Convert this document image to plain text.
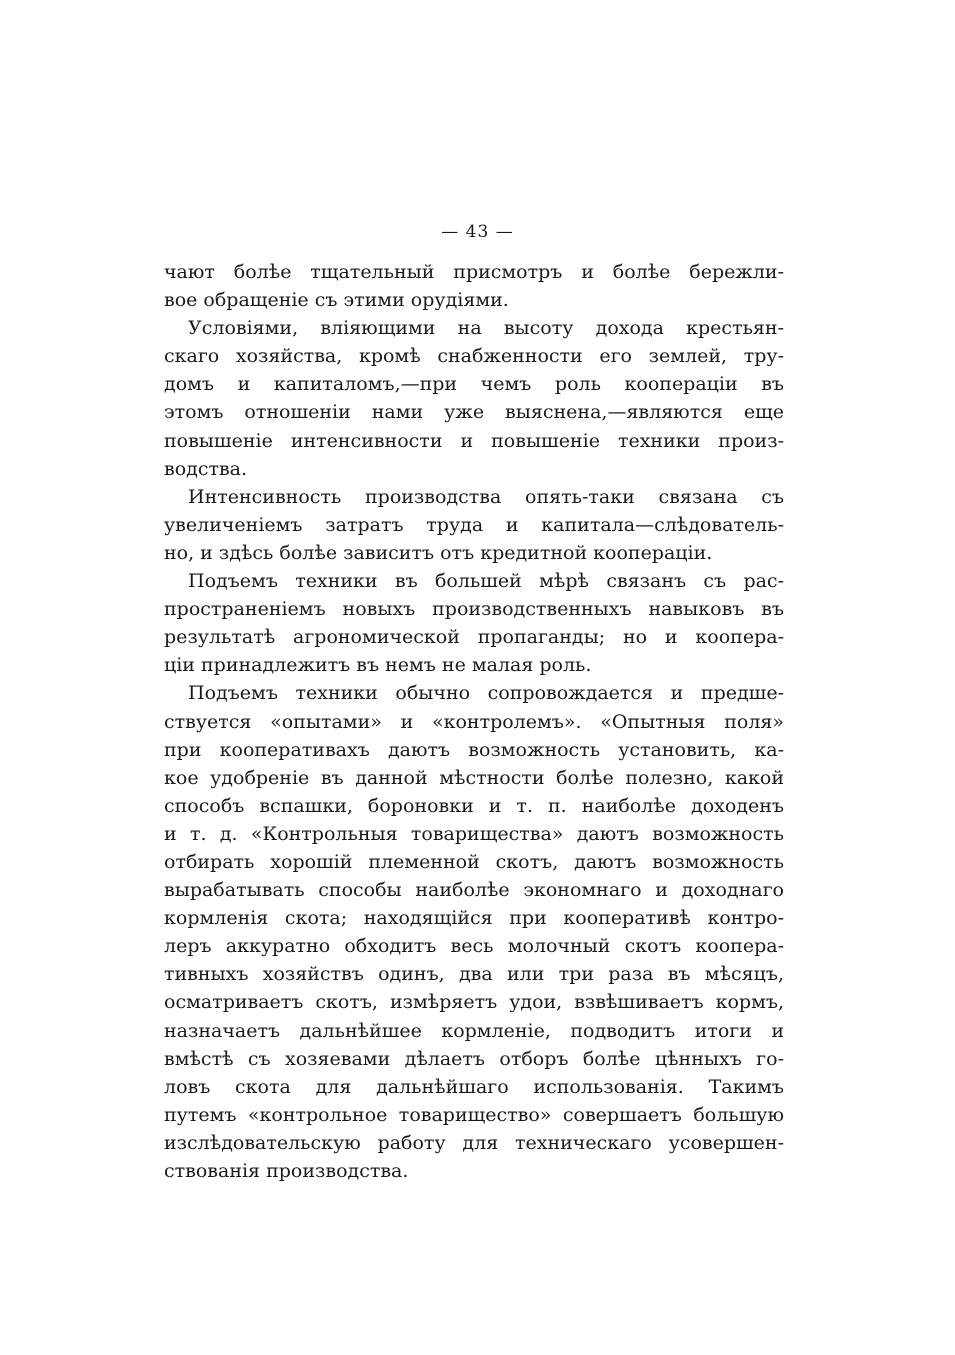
— 43 —
чают болѣе тщательный присмотръ и болѣе бережли-
вое обращеніе съ этими орудіями.
Условіями, вліяющими на высоту дохода крестьян-
скаго хозяйства, кромѣ снабженности его землей, тру-
домъ и капиталомъ,—при чемъ роль кооперацiи въ
этомъ отношеніи нами уже выяснена,—являются еще
повышеніе интенсивности и повышеніе техники произ-
водства.
Интенсивность производства опять-таки связана съ
увеличеніемъ затратъ труда и капитала—слѣдователь-
но, и здѣсь болѣе зависитъ отъ кредитной коопераціи.
Подъемъ техники въ большей мѣрѣ связанъ съ рас-
пространеніемъ новыхъ производственныхъ навыковъ въ
результатѣ агрономической пропаганды; но и коопера-
ціи принадлежитъ въ немъ не малая роль.
Подъемъ техники обычно сопровождается и предше-
ствуется «опытами» и «контролемъ». «Опытныя поля»
при кооперативахъ даютъ возможность установить, ка-
кое удобреніе въ данной мѣстности болѣе полезно, какой
способъ вспашки, бороновки и т. п. наиболѣе доходенъ
и т. д. «Контрольныя товарищества» даютъ возможность
отбирать хорошій племенной скотъ, даютъ возможность
вырабатывать способы наиболѣе экономнаго и доходнаго
кормленія скота; находящійся при кооперативѣ контро-
леръ аккуратно обходитъ весь молочный скотъ коопера-
тивныхъ хозяйствъ одинъ, два или три раза въ мѣсяцъ,
осматриваетъ скотъ, измѣряетъ удои, взвѣшиваетъ кормъ,
назначаетъ дальнѣйшее кормленіе, подводитъ итоги и
вмѣстѣ съ хозяевами дѣлаетъ отборъ болѣе цѣнныхъ го-
ловъ скота для дальнѣйшаго использованія. Такимъ
путемъ «контрольное товарищество» совершаетъ большую
изслѣдовательскую работу для техническаго усовершен-
ствованія производства.
